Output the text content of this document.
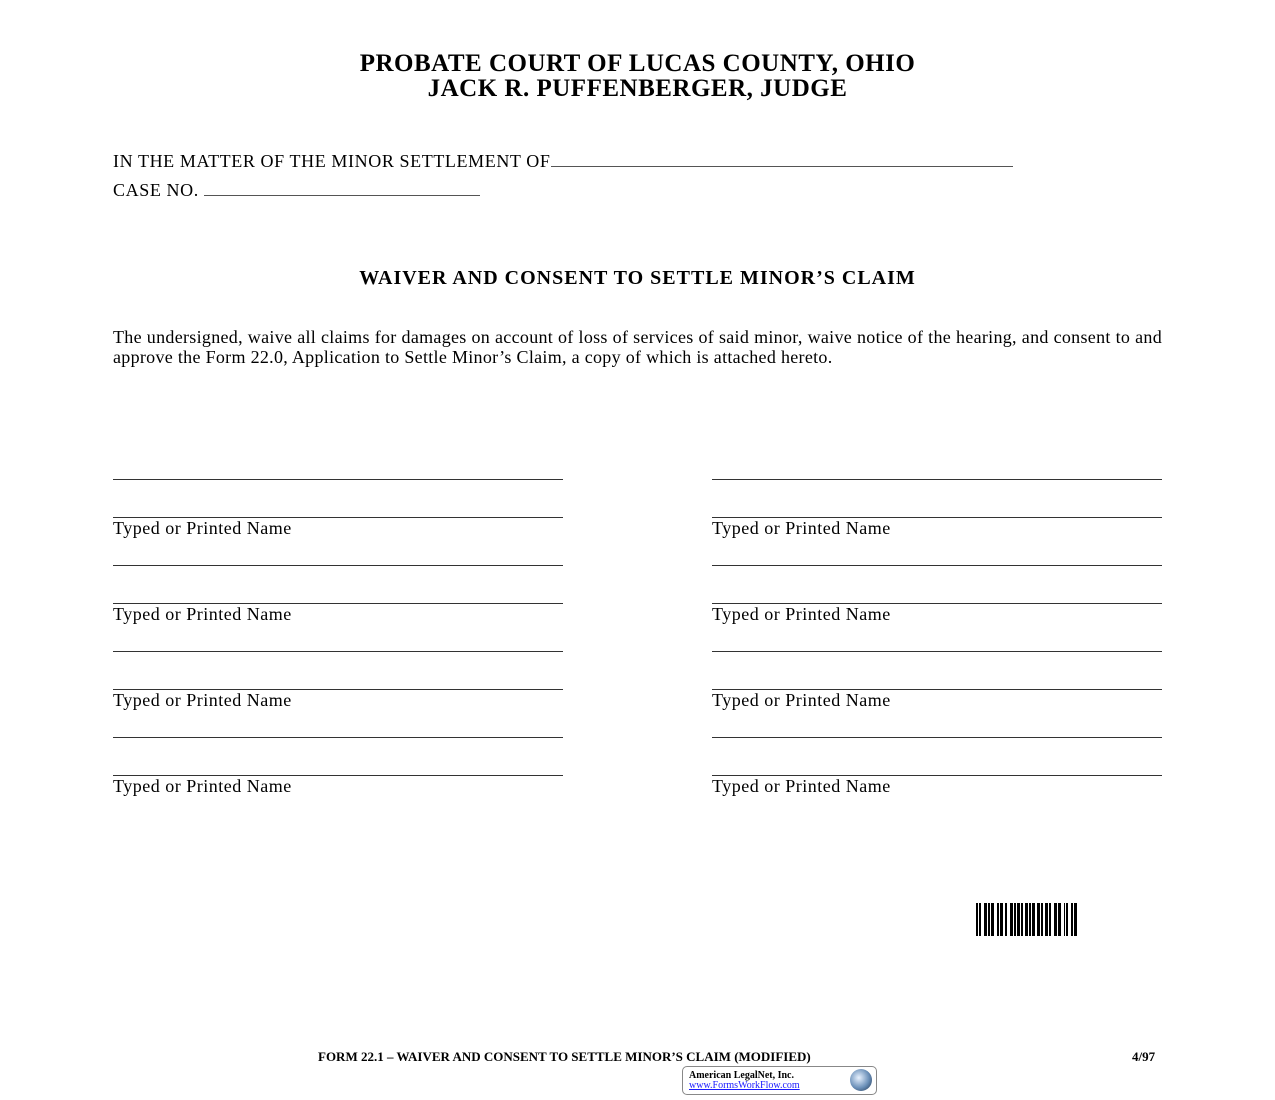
PROBATE COURT OF LUCAS COUNTY, OHIO
JACK R. PUFFENBERGER, JUDGE
IN THE MATTER OF THE MINOR SETTLEMENT OF
CASE NO.
WAIVER AND CONSENT TO SETTLE MINOR’S CLAIM
The undersigned, waive all claims for damages on account of loss of services of said minor, waive notice of the hearing, and consent to and approve the Form 22.0, Application to Settle Minor’s Claim, a copy of which is attached hereto.
Typed or Printed Name	Typed or Printed Name
Typed or Printed Name	Typed or Printed Name
Typed or Printed Name	Typed or Printed Name
Typed or Printed Name	Typed or Printed Name
FORM 22.1 – WAIVER AND CONSENT TO SETTLE MINOR’S CLAIM (MODIFIED)	4/97
American LegalNet, Inc.
www.FormsWorkFlow.com
